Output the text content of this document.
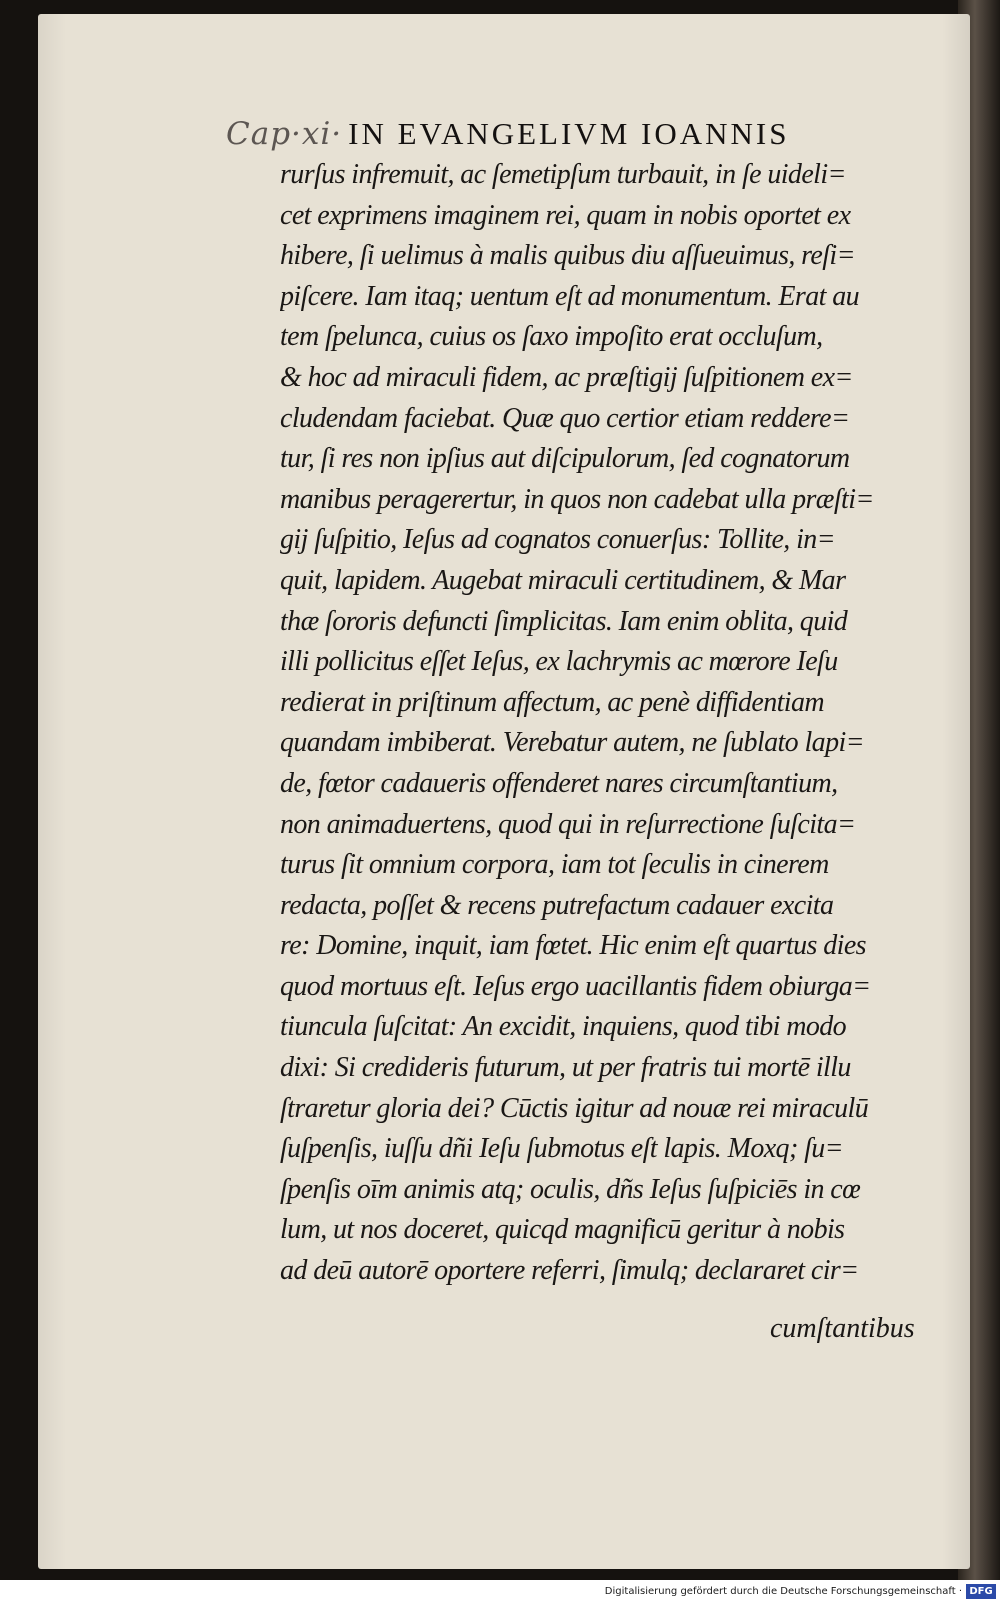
Cap·xi· IN EVANGELIVM IOANNIS
rurſus infremuit, ac ſemetipſum turbauit, in ſe uideli=
cet exprimens imaginem rei, quam in nobis oportet ex
hibere, ſi uelimus à malis quibus diu aſſueuimus, reſi=
piſcere. Iam itaq; uentum eſt ad monumentum. Erat au
tem ſpelunca, cuius os ſaxo impoſito erat occluſum,
& hoc ad miraculi fidem, ac præſtigij ſuſpitionem ex=
cludendam faciebat. Quæ quo certior etiam reddere=
tur, ſi res non ipſius aut diſcipulorum, ſed cognatorum
manibus peragerertur, in quos non cadebat ulla præſti=
gij ſuſpitio, Ieſus ad cognatos conuerſus: Tollite, in=
quit, lapidem. Augebat miraculi certitudinem, & Mar
thæ ſororis defuncti ſimplicitas. Iam enim oblita, quid
illi pollicitus eſſet Ieſus, ex lachrymis ac mœrore Ieſu
redierat in priſtinum affectum, ac penè diffidentiam
quandam imbiberat. Verebatur autem, ne ſublato lapi=
de, fœtor cadaueris offenderet nares circumſtantium,
non animaduertens, quod qui in reſurrectione ſuſcita=
turus ſit omnium corpora, iam tot ſeculis in cinerem
redacta, poſſet & recens putrefactum cadauer excita
re: Domine, inquit, iam fœtet. Hic enim eſt quartus dies
quod mortuus eſt. Ieſus ergo uacillantis fidem obiurga=
tiuncula ſuſcitat: An excidit, inquiens, quod tibi modo
dixi: Si credideris futurum, ut per fratris tui mortē illu
ſtraretur gloria dei? Cūctis igitur ad nouæ rei miraculū
ſuſpenſis, iuſſu dñi Ieſu ſubmotus eſt lapis. Moxq; ſu=
ſpenſis oīm animis atq; oculis, dñs Ieſus ſuſpiciēs in cœ
lum, ut nos doceret, quicqd magnificū geritur à nobis
ad deū autorē oportere referri, ſimulq; declararet cir=
cumſtantibus
Digitalisierung gefördert durch die Deutsche Forschungsgemeinschaft · DFG
